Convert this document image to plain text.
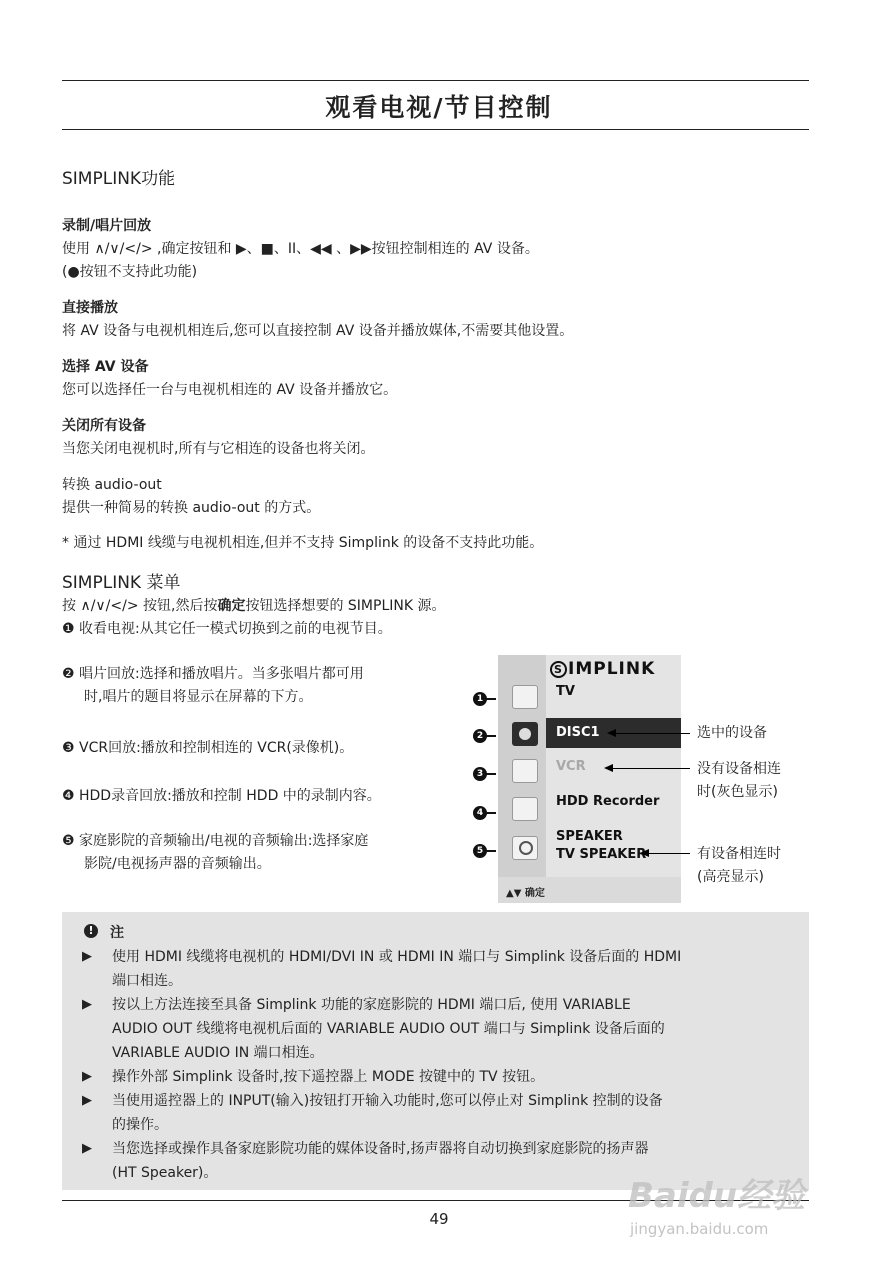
观看电视/节目控制
SIMPLINK功能
录制/唱片回放
使用 ∧/∨/</> ,确定按钮和 ▶、■、II、◀◀ 、▶▶按钮控制相连的 AV 设备。
(●按钮不支持此功能)
直接播放
将 AV 设备与电视机相连后,您可以直接控制 AV 设备并播放媒体,不需要其他设置。
选择 AV 设备
您可以选择任一台与电视机相连的 AV 设备并播放它。
关闭所有设备
当您关闭电视机时,所有与它相连的设备也将关闭。
转换 audio-out
提供一种简易的转换 audio-out 的方式。
* 通过 HDMI 线缆与电视机相连,但并不支持 Simplink 的设备不支持此功能。
SIMPLINK 菜单
按 ∧/∨/</> 按钮,然后按确定按钮选择想要的 SIMPLINK 源。
❶ 收看电视:从其它任一模式切换到之前的电视节目。
❷ 唱片回放:选择和播放唱片。当多张唱片都可用
时,唱片的题目将显示在屏幕的下方。
❸ VCR回放:播放和控制相连的 VCR(录像机)。
❹ HDD录音回放:播放和控制 HDD 中的录制内容。
❺ 家庭影院的音频输出/电视的音频输出:选择家庭
影院/电视扬声器的音频输出。
1
2
3
4
5
S IMPLINK
TV
DISC1
VCR
HDD Recorder
SPEAKER
TV SPEAKER
▲▼ 确定
选中的设备
没有设备相连
时(灰色显示)
有设备相连时
(高亮显示)
!	注
▶ 使用 HDMI 线缆将电视机的 HDMI/DVI IN 或 HDMI IN 端口与 Simplink 设备后面的 HDMI
端口相连。
▶ 按以上方法连接至具备 Simplink 功能的家庭影院的 HDMI 端口后, 使用 VARIABLE
AUDIO OUT 线缆将电视机后面的 VARIABLE AUDIO OUT 端口与 Simplink 设备后面的
VARIABLE AUDIO IN 端口相连。
▶ 操作外部 Simplink 设备时,按下遥控器上 MODE 按键中的 TV 按钮。
▶ 当使用遥控器上的 INPUT(输入)按钮打开输入功能时,您可以停止对 Simplink 控制的设备
的操作。
▶ 当您选择或操作具备家庭影院功能的媒体设备时,扬声器将自动切换到家庭影院的扬声器
(HT Speaker)。
49
Baidu经验
jingyan.baidu.com
